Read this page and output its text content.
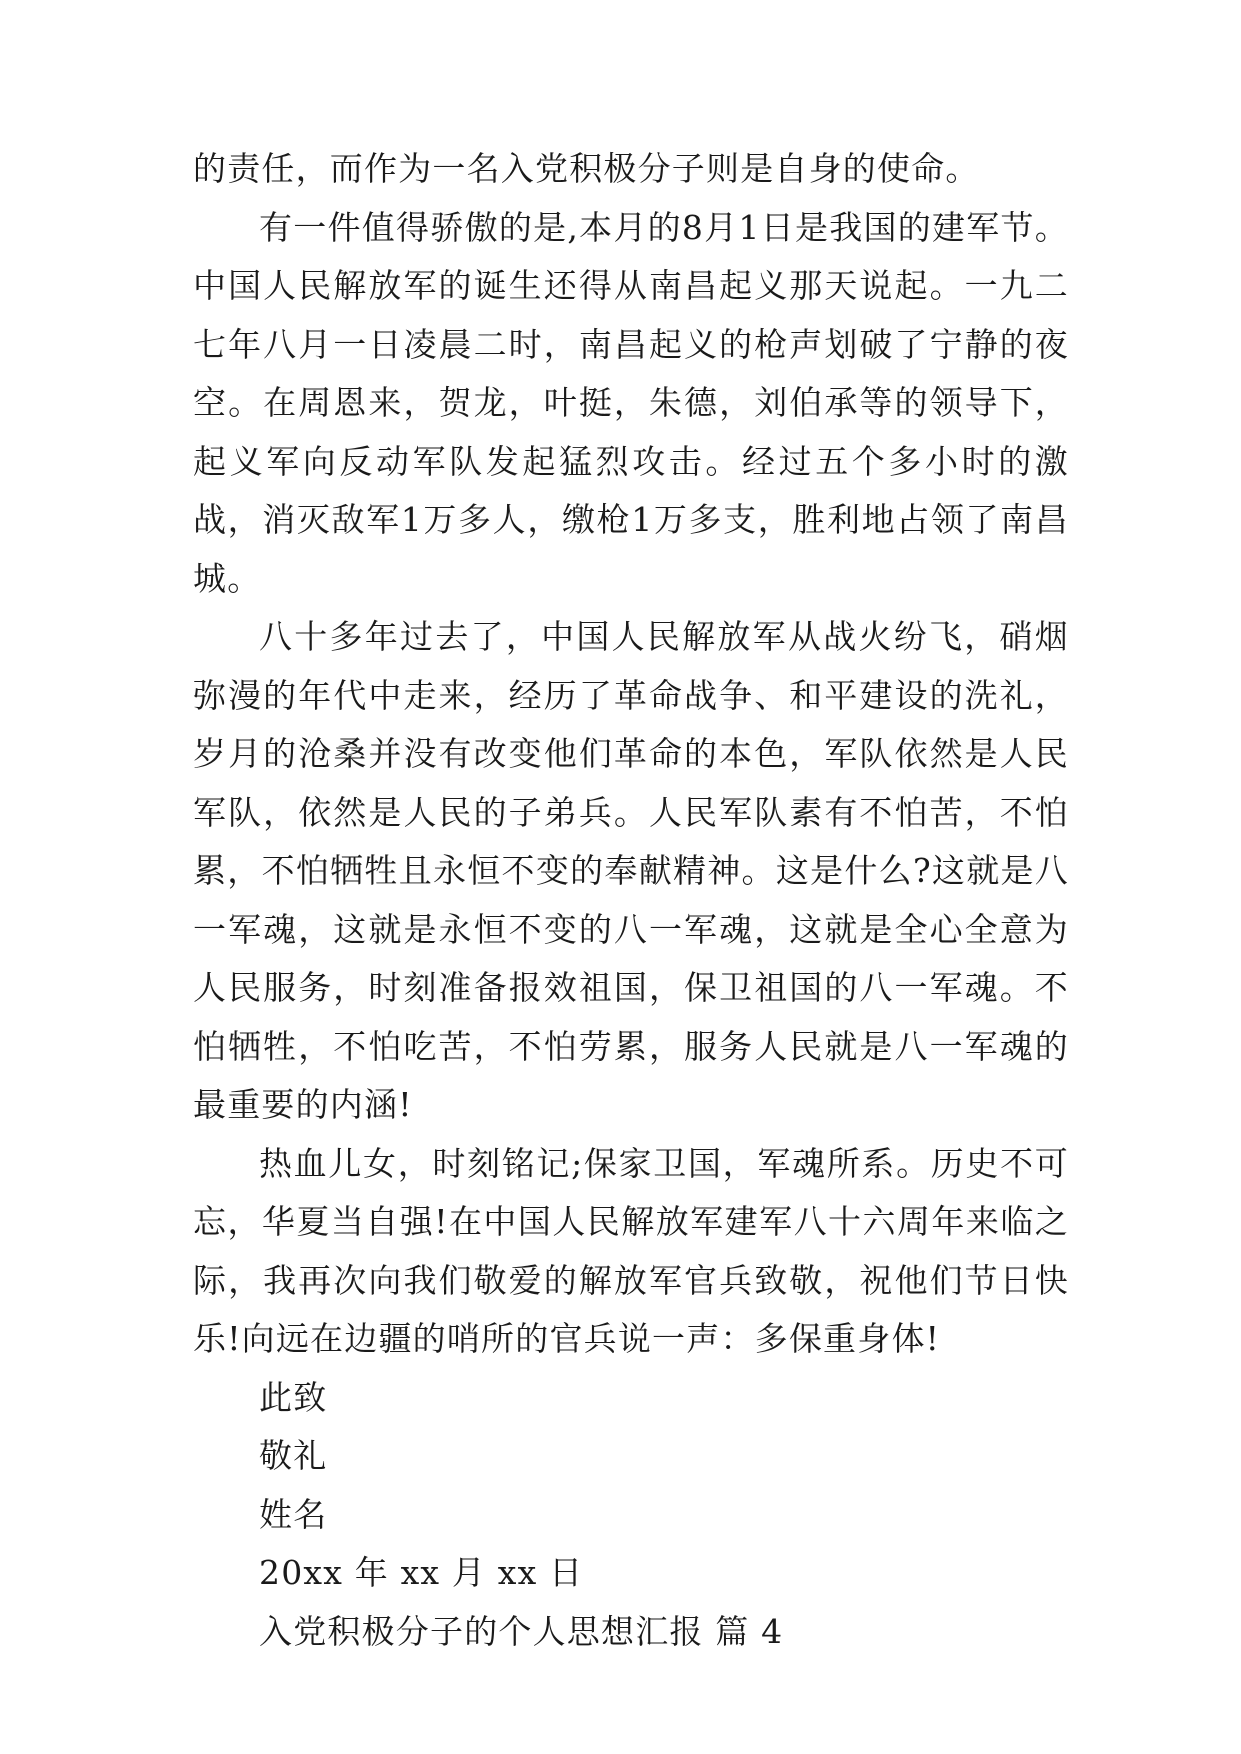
的责任，而作为一名入党积极分子则是自身的使命。

有一件值得骄傲的是,本月的8月1日是我国的建军节。中国人民解放军的诞生还得从南昌起义那天说起。一九二七年八月一日凌晨二时，南昌起义的枪声划破了宁静的夜空。在周恩来，贺龙，叶挺，朱德，刘伯承等的领导下，起义军向反动军队发起猛烈攻击。经过五个多小时的激战，消灭敌军1万多人，缴枪1万多支，胜利地占领了南昌城。

八十多年过去了，中国人民解放军从战火纷飞，硝烟弥漫的年代中走来，经历了革命战争、和平建设的洗礼，岁月的沧桑并没有改变他们革命的本色，军队依然是人民军队，依然是人民的子弟兵。人民军队素有不怕苦，不怕累，不怕牺牲且永恒不变的奉献精神。这是什么?这就是八一军魂，这就是永恒不变的八一军魂，这就是全心全意为人民服务，时刻准备报效祖国，保卫祖国的八一军魂。不怕牺牲，不怕吃苦，不怕劳累，服务人民就是八一军魂的最重要的内涵!

热血儿女，时刻铭记;保家卫国，军魂所系。历史不可忘，华夏当自强!在中国人民解放军建军八十六周年来临之际，我再次向我们敬爱的解放军官兵致敬，祝他们节日快乐!向远在边疆的哨所的官兵说一声：多保重身体!

此致

敬礼

姓名

20xx 年 xx 月 xx 日

入党积极分子的个人思想汇报 篇 4
